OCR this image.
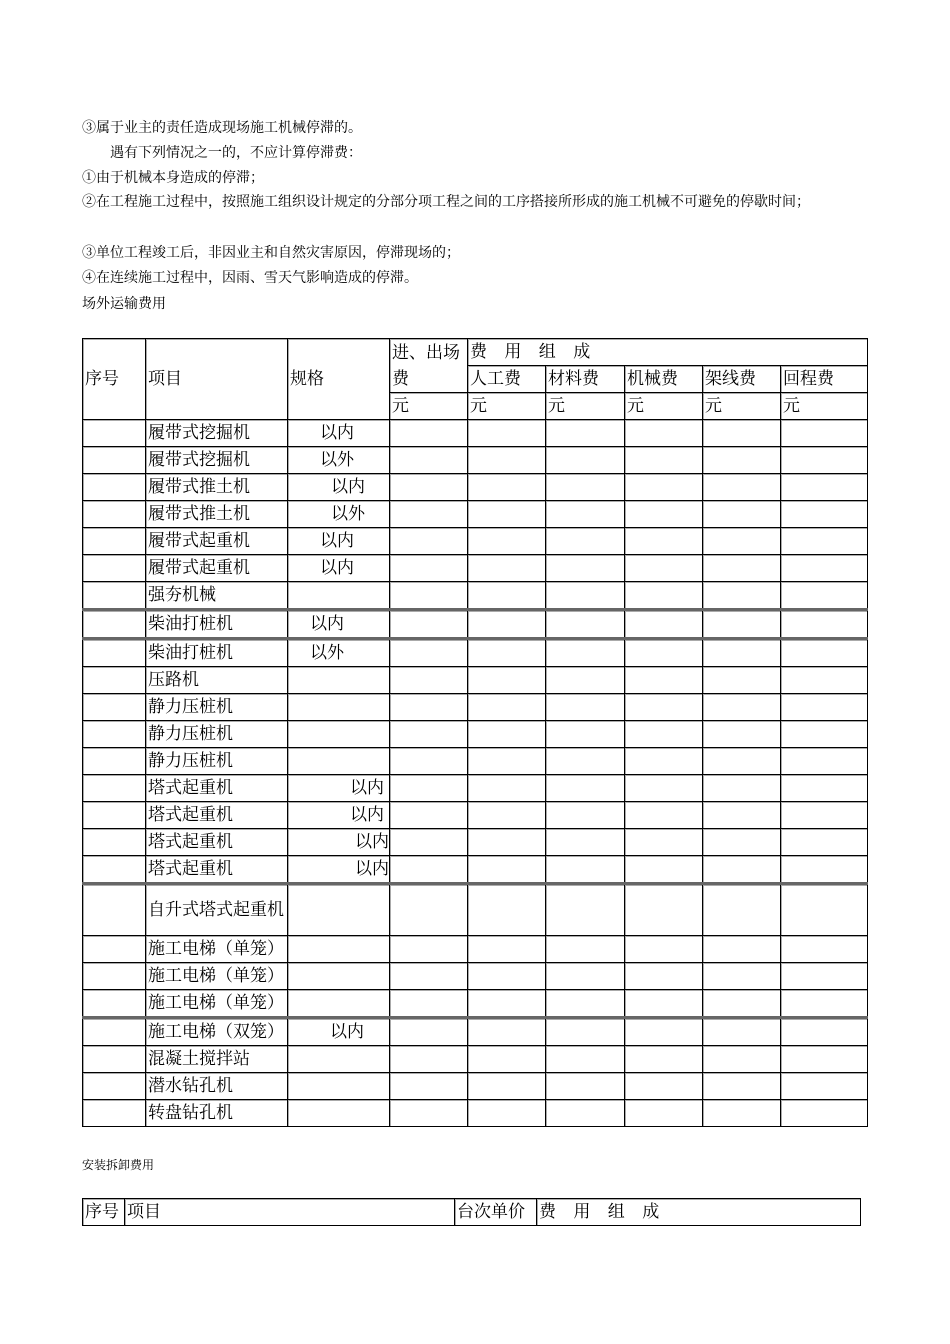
③属于业主的责任造成现场施工机械停滞的。
遇有下列情况之一的，不应计算停滞费：
①由于机械本身造成的停滞；
②在工程施工过程中，按照施工组织设计规定的分部分项工程之间的工序搭接所形成的施工机械不可避免的停歇时间；
③单位工程竣工后，非因业主和自然灾害原因，停滞现场的；
④在连续施工过程中，因雨、雪天气影响造成的停滞。
场外运输费用
序号	项目	规格	进、出场费	费 用 组 成				
				人工费	材料费	机械费	架线费	回程费
			元	元	元	元	元	元
	履带式挖掘机	以内						
	履带式挖掘机	以外						
	履带式推土机	以内						
	履带式推土机	以外						
	履带式起重机	以内						
	履带式起重机	以内						
	强夯机械							
	柴油打桩机	以内						
	柴油打桩机	以外						
	压路机							
	静力压桩机							
	静力压桩机							
	静力压桩机							
	塔式起重机	以内						
	塔式起重机	以内						
	塔式起重机	以内						
	塔式起重机	以内						
	自升式塔式起重机							
	施工电梯（单笼）							
	施工电梯（单笼）							
	施工电梯（单笼）							
	施工电梯（双笼）	以内						
	混凝土搅拌站							
	潜水钻孔机							
	转盘钻孔机							
安装拆卸费用
序号	项目	台次单价	费 用 组 成
